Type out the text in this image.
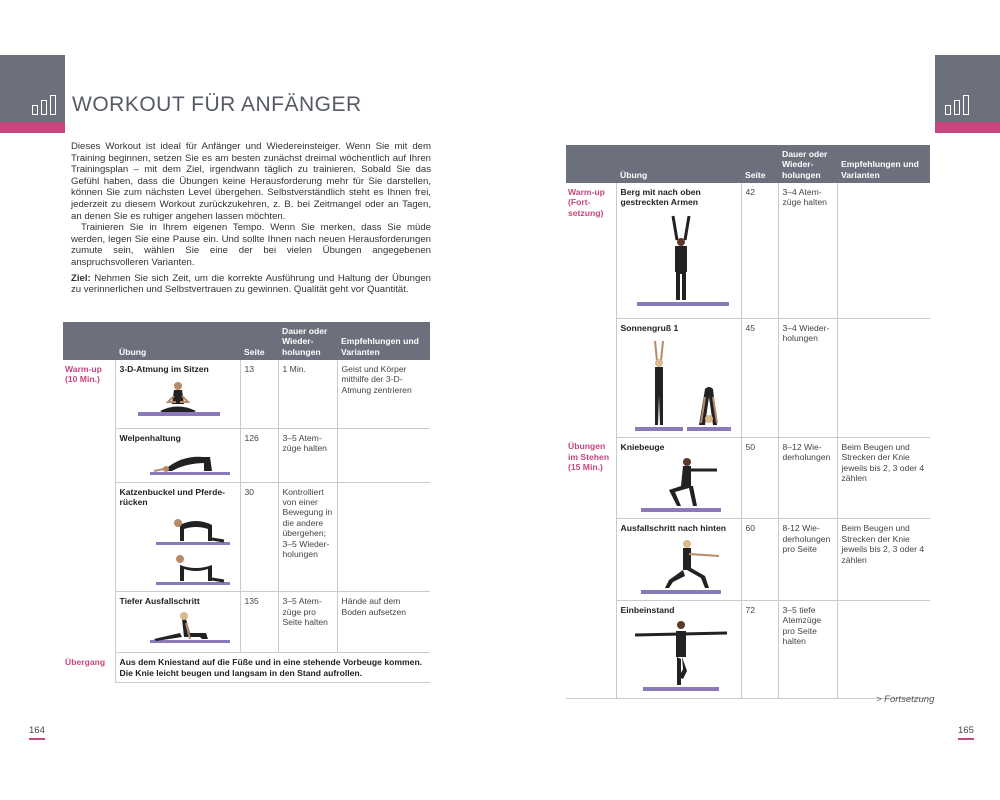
WORKOUT FÜR ANFÄNGER

Dieses Workout ist ideal für Anfänger und Wiedereinsteiger. Wenn Sie mit dem Training beginnen, setzen Sie es am besten zunächst dreimal wöchentlich auf Ihren Trainingsplan – mit dem Ziel, irgendwann täglich zu trainieren. Sobald Sie das Gefühl haben, dass die Übungen keine Herausforderung mehr für Sie darstellen, können Sie zum nächsten Level übergehen. Selbstverständlich steht es Ihnen frei, jederzeit zu diesem Workout zurückzukehren, z. B. bei Zeitmangel oder an Tagen, an denen Sie es ruhiger angehen lassen möchten.

Trainieren Sie in Ihrem eigenen Tempo. Wenn Sie merken, dass Sie müde werden, legen Sie eine Pause ein. Und sollte Ihnen nach neuen Herausforderungen zumute sein, wählen Sie eine der bei vielen Übungen angegebenen anspruchsvolleren Varianten.

Ziel: Nehmen Sie sich Zeit, um die korrekte Ausführung und Haltung der Übungen zu verinnerlichen und Selbstvertrauen zu gewinnen. Qualität geht vor Quantität.

	Übung	Seite	Dauer oder Wiederholungen	Empfehlungen und Varianten
Warm-up (10 Min.)	3-D-Atmung im Sitzen	13	1 Min.	Geist und Körper mithilfe der 3-D-Atmung zentrieren
	Welpenhaltung	126	3–5 Atemzüge halten	
	Katzenbuckel und Pferderücken	30	Kontrolliert von einer Bewegung in die andere übergehen; 3–5 Wiederholungen	
	Tiefer Ausfallschritt	135	3–5 Atemzüge pro Seite halten	Hände auf dem Boden aufsetzen
Übergang	Aus dem Kniestand auf die Füße und in eine stehende Vorbeuge kommen. Die Knie leicht beugen und langsam in den Stand aufrollen.			
	Übung	Seite	Dauer oder Wiederholungen	Empfehlungen und Varianten
Warm-up (Fortsetzung)	Berg mit nach oben gestreckten Armen	42	3–4 Atemzüge halten	
	Sonnengruß 1	45	3–4 Wiederholungen	
Übungen im Stehen (15 Min.)	Kniebeuge	50	8–12 Wiederholungen	Beim Beugen und Strecken der Knie jeweils bis 2, 3 oder 4 zählen
	Ausfallschritt nach hinten	60	8-12 Wiederholungen pro Seite	Beim Beugen und Strecken der Knie jeweils bis 2, 3 oder 4 zählen
	Einbeinstand	72	3–5 tiefe Atemzüge pro Seite halten	
> Fortsetzung
164	165
